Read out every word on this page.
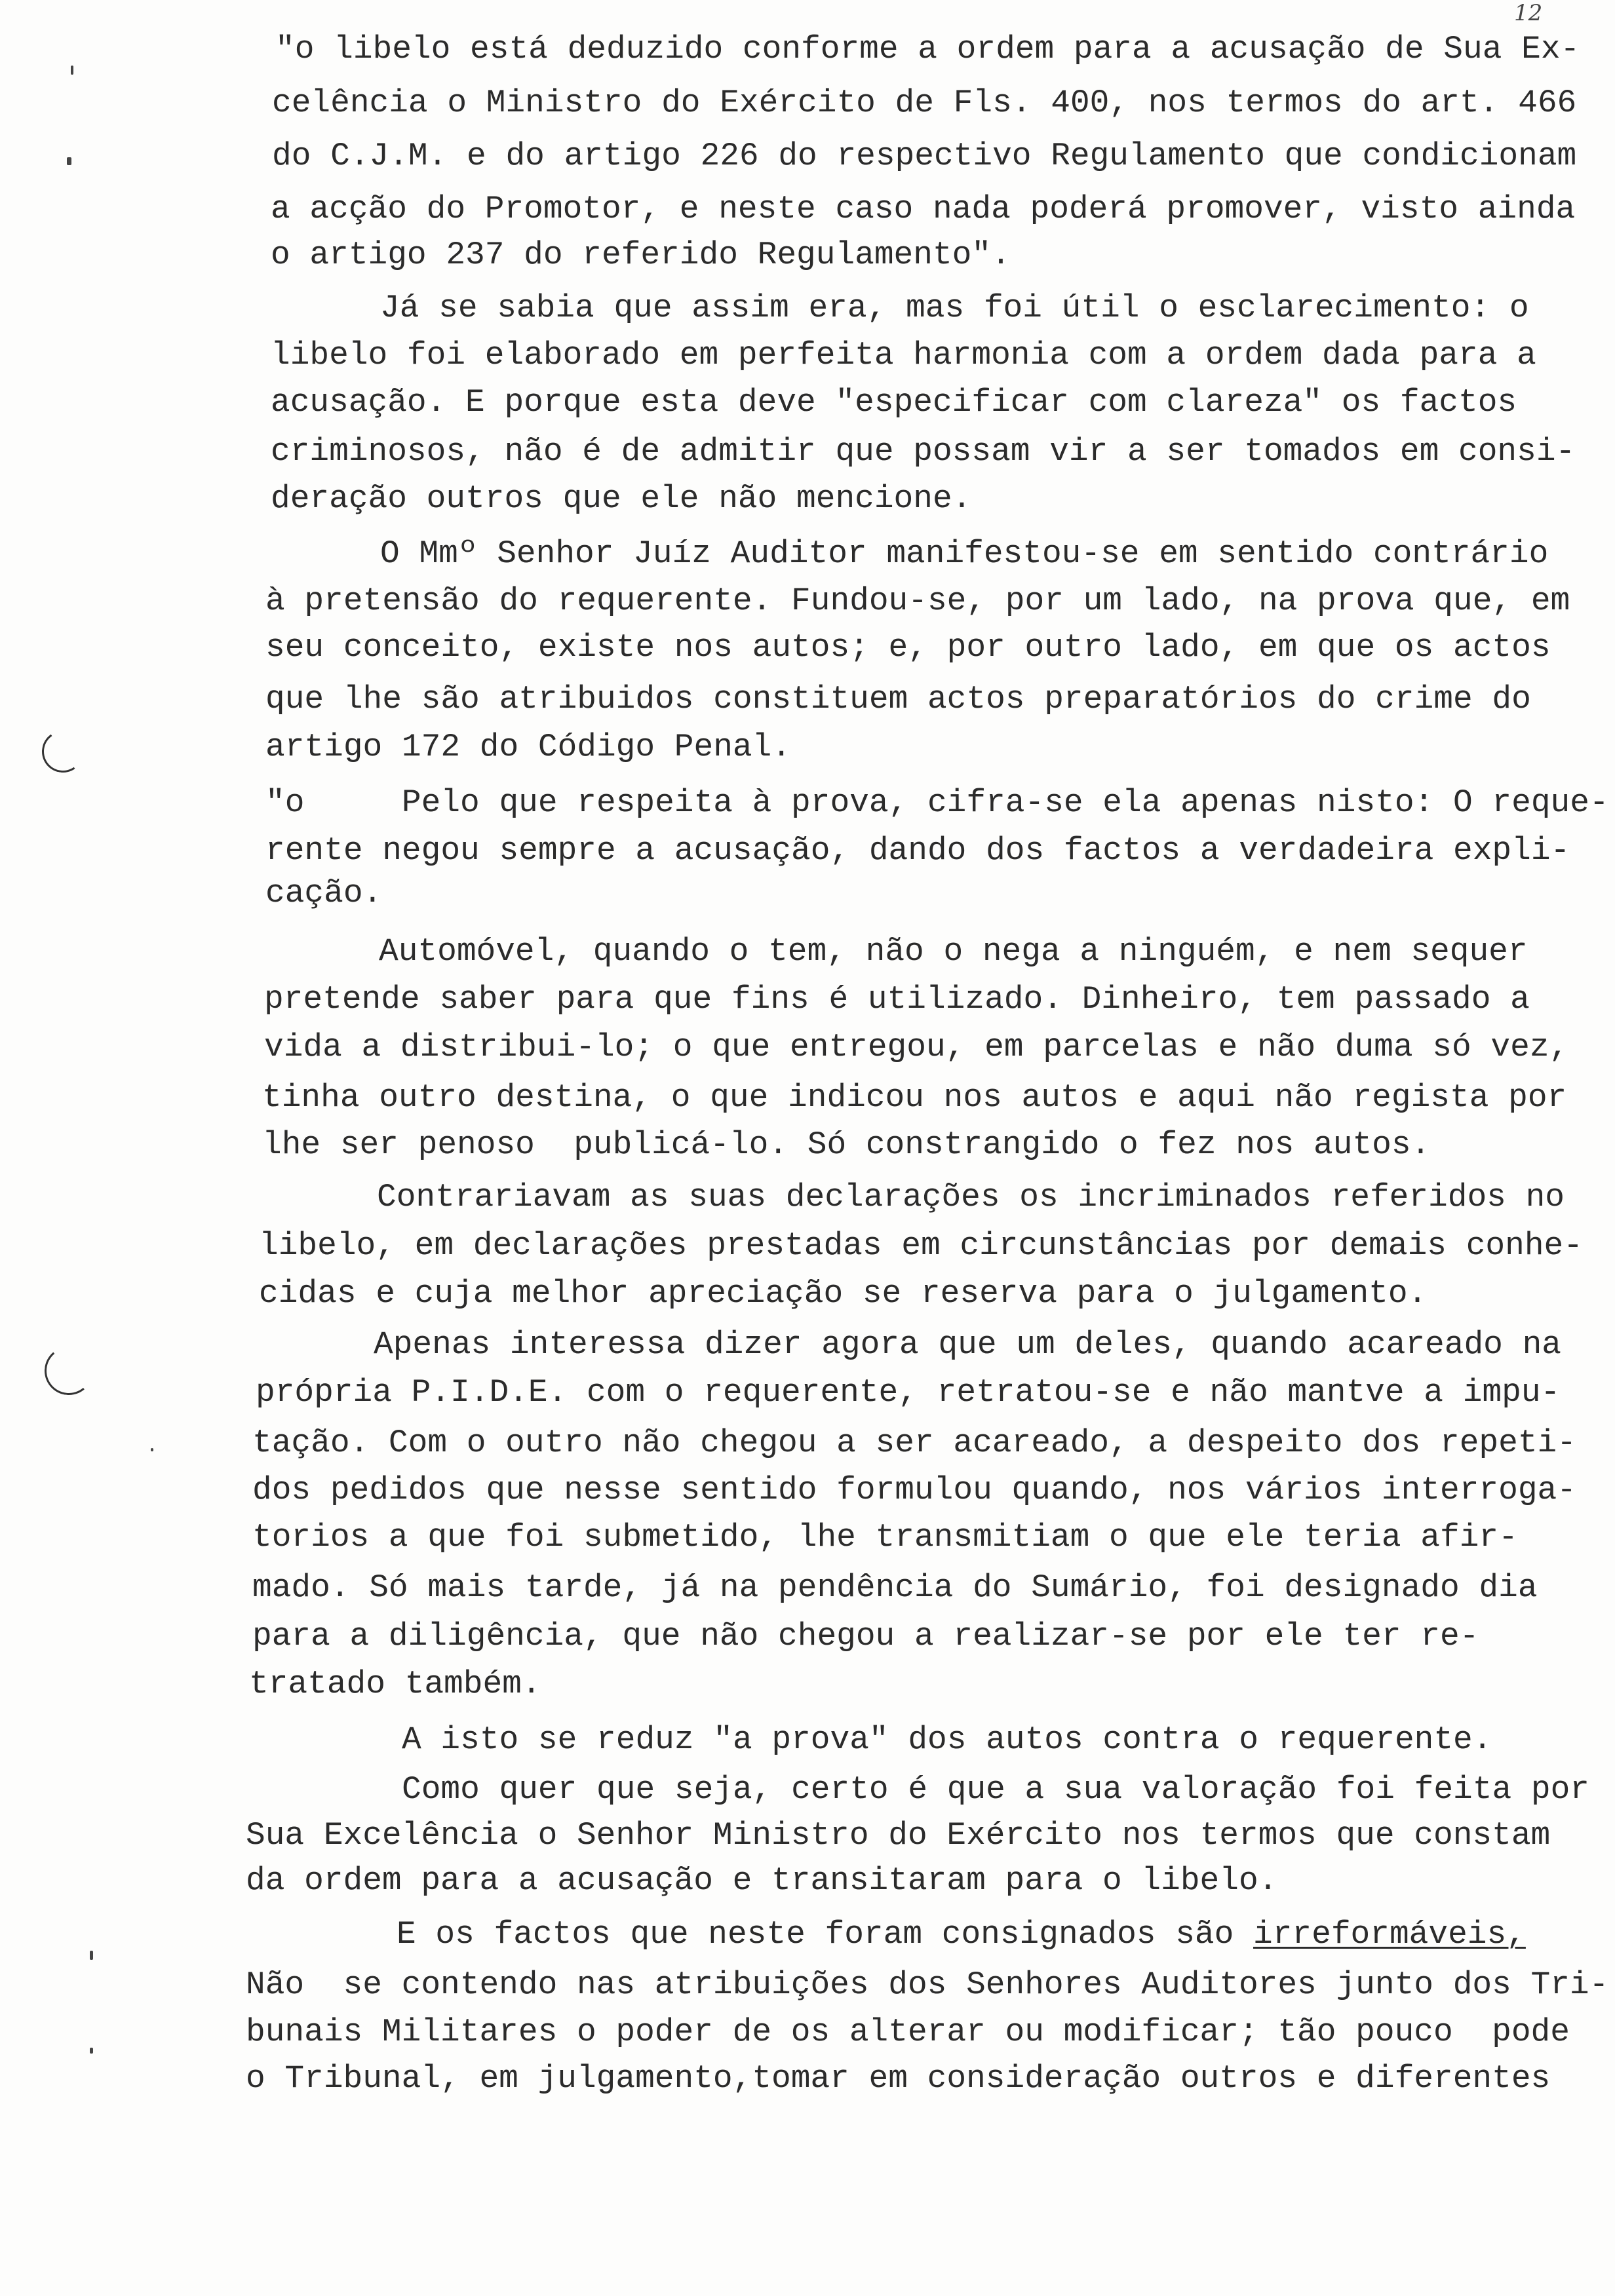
12
"o libelo está deduzido conforme a ordem para a acusação de Sua Ex-
celência o Ministro do Exército de Fls. 400, nos termos do art. 466
do C.J.M. e do artigo 226 do respectivo Regulamento que condicionam
a acção do Promotor, e neste caso nada poderá promover, visto ainda
o artigo 237 do referido Regulamento".
Já se sabia que assim era, mas foi útil o esclarecimento: o
libelo foi elaborado em perfeita harmonia com a ordem dada para a
acusação. E porque esta deve "especificar com clareza" os factos
criminosos, não é de admitir que possam vir a ser tomados em consi-
deração outros que ele não mencione.
O Mmº Senhor Juíz Auditor manifestou-se em sentido contrário
à pretensão do requerente. Fundou-se, por um lado, na prova que, em
seu conceito, existe nos autos; e, por outro lado, em que os actos
que lhe são atribuidos constituem actos preparatórios do crime do
artigo 172 do Código Penal.
"o     Pelo que respeita à prova, cifra-se ela apenas nisto: O reque-
rente negou sempre a acusação, dando dos factos a verdadeira expli-
cação.
Automóvel, quando o tem, não o nega a ninguém, e nem sequer
pretende saber para que fins é utilizado. Dinheiro, tem passado a
vida a distribui-lo; o que entregou, em parcelas e não duma só vez,
tinha outro destina, o que indicou nos autos e aqui não regista por
lhe ser penoso  publicá-lo. Só constrangido o fez nos autos.
Contrariavam as suas declarações os incriminados referidos no
libelo, em declarações prestadas em circunstâncias por demais conhe-
cidas e cuja melhor apreciação se reserva para o julgamento.
Apenas interessa dizer agora que um deles, quando acareado na
própria P.I.D.E. com o requerente, retratou-se e não mantve a impu-
tação. Com o outro não chegou a ser acareado, a despeito dos repeti-
dos pedidos que nesse sentido formulou quando, nos vários interroga-
torios a que foi submetido, lhe transmitiam o que ele teria afir-
mado. Só mais tarde, já na pendência do Sumário, foi designado dia
para a diligência, que não chegou a realizar-se por ele ter re-
tratado também.
A isto se reduz "a prova" dos autos contra o requerente.
Como quer que seja, certo é que a sua valoração foi feita por
Sua Excelência o Senhor Ministro do Exército nos termos que constam
da ordem para a acusação e transitaram para o libelo.
E os factos que neste foram consignados são irreformáveis,
Não  se contendo nas atribuições dos Senhores Auditores junto dos Tri-
bunais Militares o poder de os alterar ou modificar; tão pouco  pode
o Tribunal, em julgamento,tomar em consideração outros e diferentes
